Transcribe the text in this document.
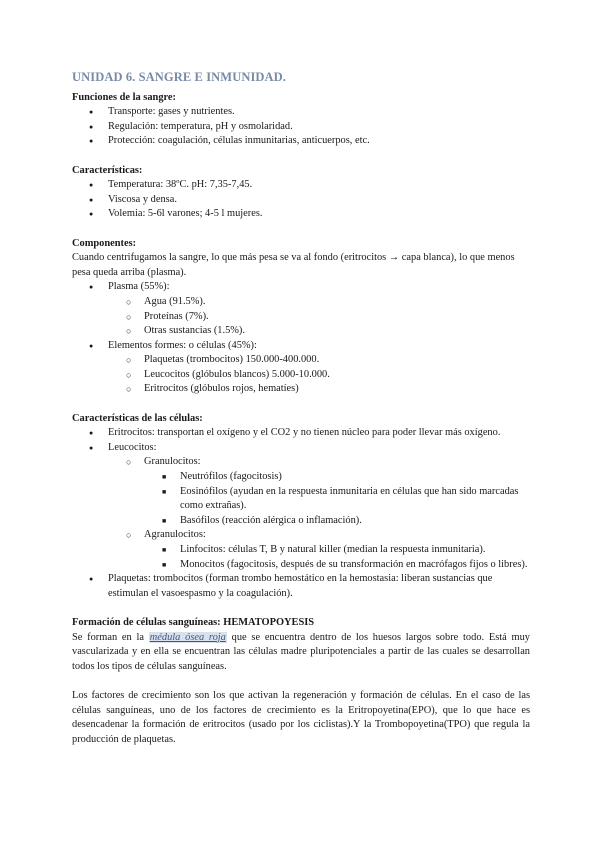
UNIDAD 6. SANGRE E INMUNIDAD.
Funciones de la sangre:
● Transporte: gases y nutrientes.
● Regulación: temperatura, pH y osmolaridad.
● Protección: coagulación, células inmunitarias, anticuerpos, etc.
Características:
● Temperatura: 38ºC. pH: 7,35-7,45.
● Viscosa y densa.
● Volemia: 5-6l varones; 4-5 l mujeres.
Componentes:

Cuando centrifugamos la sangre, lo que más pesa se va al fondo (eritrocitos → capa blanca), lo que menos pesa queda arriba (plasma).

● Plasma (55%):
○ Agua (91.5%).
○ Proteínas (7%).
○ Otras sustancias (1.5%).
● Elementos formes: o células (45%):
○ Plaquetas (trombocitos) 150.000-400.000.
○ Leucocitos (glóbulos blancos) 5.000-10.000.
○ Eritrocitos (glóbulos rojos, hematíes)
Características de las células:
● Eritrocitos: transportan el oxígeno y el CO2 y no tienen núcleo para poder llevar más oxígeno.
● Leucocitos:
○ Granulocitos:
■ Neutrófilos (fagocitosis)
■ Eosinófilos (ayudan en la respuesta inmunitaria en células que han sido marcadas como extrañas).
■ Basófilos (reacción alérgica o inflamación).
○ Agranulocitos:
■ Linfocitos: células T, B y natural killer (median la respuesta inmunitaria).
■ Monocitos (fagocitosis, después de su transformación en macrófagos fijos o libres).
● Plaquetas: trombocitos (forman trombo hemostático en la hemostasia: liberan sustancias que estimulan el vasoespasmo y la coagulación).
Formación de células sanguíneas: HEMATOPOYESIS

Se forman en la médula ósea roja que se encuentra dentro de los huesos largos sobre todo. Está muy vascularizada y en ella se encuentran las células madre pluripotenciales a partir de las cuales se desarrollan todos los tipos de células sanguíneas.

Los factores de crecimiento son los que activan la regeneración y formación de células. En el caso de las células sanguíneas, uno de los factores de crecimiento es la Eritropoyetina(EPO), que lo que hace es desencadenar la formación de eritrocitos (usado por los ciclistas).Y la Trombopoyetina(TPO) que regula la producción de plaquetas.
